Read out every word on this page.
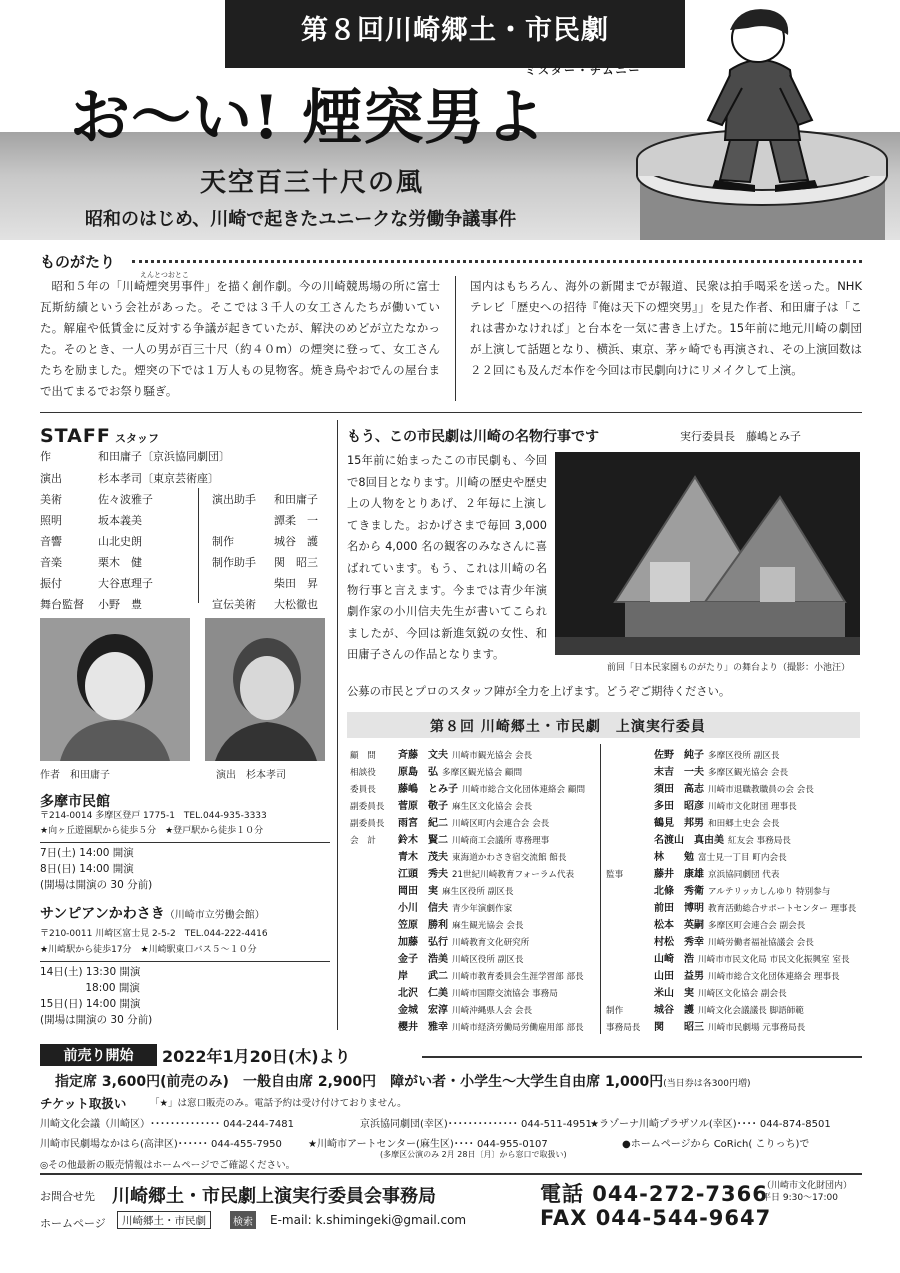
第８回川崎郷土・市民劇
ミスター・チムニー
お〜い! 煙突男よ
天空百三十尺の風
昭和のはじめ、川崎で起きたユニークな労働争議事件
ものがたり
えんとつおとこ
昭和５年の「川崎煙突男事件」を描く創作劇。今の川崎競馬場の所に富士瓦斯紡績という会社があった。そこでは３千人の女工さんたちが働いていた。解雇や低賃金に反対する争議が起きていたが、解決のめどが立たなかった。そのとき、一人の男が百三十尺（約４０m）の煙突に登って、女工さんたちを励ました。煙突の下では１万人もの見物客。焼き鳥やおでんの屋台まで出てまるでお祭り騒ぎ。
国内はもちろん、海外の新聞までが報道、民衆は拍手喝采を送った。NHKテレビ「歴史への招待『俺は天下の煙突男』」を見た作者、和田庸子は「これは書かなければ」と台本を一気に書き上げた。15年前に地元川崎の劇団が上演して話題となり、横浜、東京、茅ヶ崎でも再演され、その上演回数は２２回にも及んだ本作を今回は市民劇向けにリメイクして上演。
STAFF スタッフ
作	和田庸子〔京浜協同劇団〕
演出	杉本孝司〔東京芸術座〕
美術	佐々波雅子
照明	坂本義美
音響	山北史朗
音楽	栗木　健
振付	大谷恵理子
舞台監督 小野　豊
演出助手 和田庸子
譚柔　一
制作	城谷　護
制作助手 関　昭三
柴田　昇
宣伝美術 大松徹也
作者　和田庸子	演出　杉本孝司
多摩市民館
〒214-0014 多摩区登戸 1775-1　TEL.044-935-3333
★向ヶ丘遊園駅から徒歩５分　★登戸駅から徒歩１０分
7日(土) 14:00 開演
8日(日) 14:00 開演
(開場は開演の 30 分前)
サンピアンかわさき（川崎市立労働会館）
〒210-0011 川崎区富士見 2-5-2　TEL.044-222-4416
★川崎駅から徒歩17分　★川崎駅東口バス５〜１０分
14日(土) 13:30 開演
　　　　 18:00 開演
15日(日) 14:00 開演
(開場は開演の 30 分前)
もう、この市民劇は川崎の名物行事です	実行委員長　藤嶋とみ子
15年前に始まったこの市民劇も、今回で8回目となります。川崎の歴史や歴史上の人物をとりあげ、２年毎に上演してきました。おかげさまで毎回 3,000 名から 4,000 名の観客のみなさんに喜ばれています。もう、これは川崎の名物行事と言えます。今までは青少年演劇作家の小川信夫先生が書いてこられましたが、今回は新進気鋭の女性、和田庸子さんの作品となります。
前回「日本民家園ものがたり」の舞台より（撮影：小池汪）
公募の市民とプロのスタッフ陣が全力を上げます。どうぞご期待ください。
第８回 川崎郷土・市民劇　上演実行委員
顧　問 斉藤　文夫 川崎市観光協会 会長
相談役 原島　弘 多摩区観光協会 顧問
委員長 藤嶋　とみ子 川崎市総合文化団体連絡会 顧問
副委員長 菅原　敬子 麻生区文化協会 会長
副委員長 雨宮　紀二 川崎区町内会連合会 会長
会　計 鈴木　賢二 川崎商工会議所 専務理事
青木　茂夫 東海道かわさき宿交流館 館長
江頭　秀夫 21世紀川崎教育フォーラム代表
岡田　実 麻生区役所 副区長
小川　信夫 青少年演劇作家
笠原　勝利 麻生観光協会 会長
加藤　弘行 川崎教育文化研究所
金子　浩美 川崎区役所 副区長
岸　　武二 川崎市教育委員会生涯学習部 部長
北沢　仁美 川崎市国際交流協会 事務局
金城　宏淳 川崎沖縄県人会 会長
櫻井　雅幸 川崎市経済労働局労働雇用部 部長
佐野　純子 多摩区役所 副区長
末吉　一夫 多摩区観光協会 会長
須田　高志 川崎市退職教職員の会 会長
多田　昭彦 川崎市文化財団 理事長
鶴見　邦男 和田郷土史会 会長
名渡山　真由美 紅友会 事務局長
林　　勉 富士見一丁目 町内会長
監事	藤井　康雄 京浜協同劇団 代表
北條　秀衛 アルテリッカしんゆり 特別参与
前田　博明 教育活動総合サポートセンター 理事長
松本　英嗣 多摩区町会連合会 副会長
村松　秀幸 川崎労働者福祉協議会 会長
山崎　浩 川崎市市民文化局 市民文化振興室 室長
山田　益男 川崎市総合文化団体連絡会 理事長
米山　実 川崎区文化協会 副会長
制作	城谷　護 川崎文化会議議長 脚語師範
事務局長 関　　昭三 川崎市民劇場 元事務局長
前売り開始	2022年1月20日(木)より
指定席 3,600円(前売のみ)　一般自由席 2,900円　障がい者・小学生〜大学生自由席 1,000円(当日券は各300円増)
チケット取扱い 「★」は窓口販売のみ。電話予約は受け付けておりません。
川崎文化会議（川崎区）･･････････････ 044-244-7481	京浜協同劇団(幸区)･･････････････ 044-511-4951
★ラゾーナ川崎プラザソル(幸区)････ 044-874-8501
川崎市民劇場なかはら(高津区)･･････ 044-455-7950	★川崎市アートセンター(麻生区)････ 044-955-0107	●ホームページから CoRich( こりっち)で
(多摩区公演のみ 2月 28日〔月〕から窓口で取扱い)
◎その他最新の販売情報はホームページでご確認ください。
お問合せ先 川崎郷土・市民劇上演実行委員会事務局
ホームページ	川崎郷土・市民劇	検索 E-mail: k.shimingeki@gmail.com
電話 044-272-7366
FAX 044-544-9647
（川崎市文化財団内）
平日 9:30〜17:00
